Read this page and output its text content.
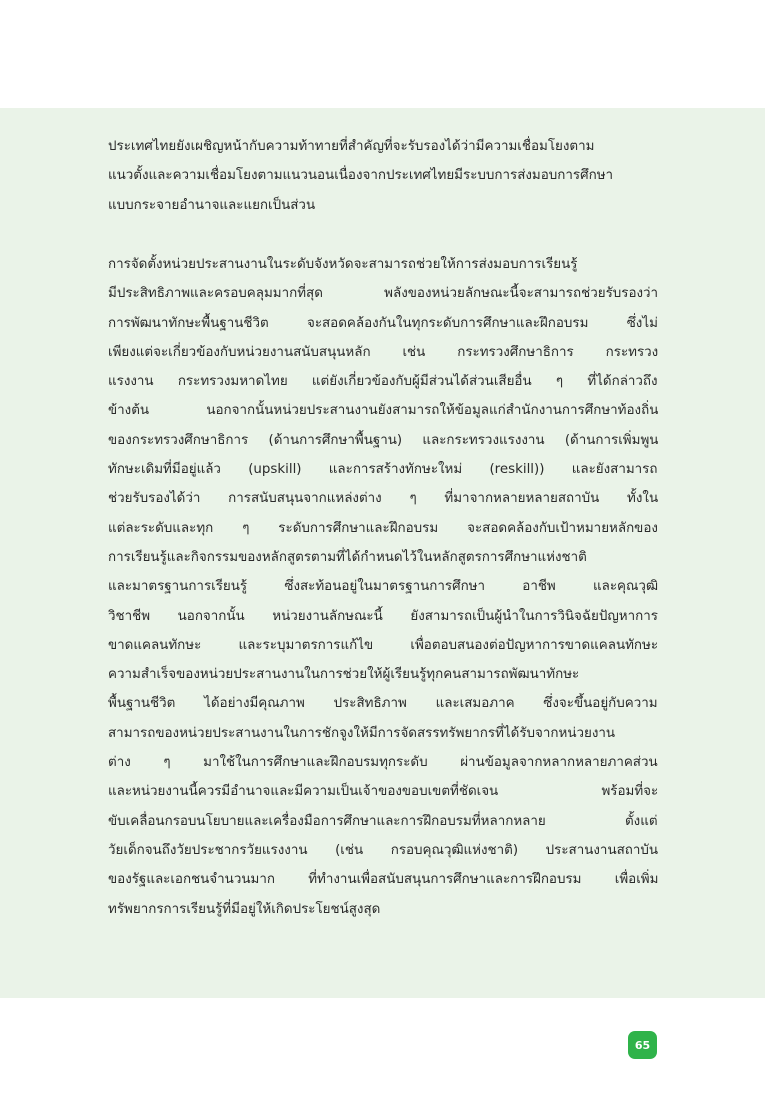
ประเทศไทยยังเผชิญหน้ากับความท้าทายที่สำคัญที่จะรับรองได้ว่ามีความเชื่อมโยงตาม
แนวตั้งและความเชื่อมโยงตามแนวนอนเนื่องจากประเทศไทยมีระบบการส่งมอบการศึกษา
แบบกระจายอำนาจและแยกเป็นส่วน
การจัดตั้งหน่วยประสานงานในระดับจังหวัดจะสามารถช่วยให้การส่งมอบการเรียนรู้
มีประสิทธิภาพและครอบคลุมมากที่สุด พลังของหน่วยลักษณะนี้จะสามารถช่วยรับรองว่า
การพัฒนาทักษะพื้นฐานชีวิต จะสอดคล้องกันในทุกระดับการศึกษาและฝึกอบรม ซึ่งไม่
เพียงแต่จะเกี่ยวข้องกับหน่วยงานสนับสนุนหลัก เช่น กระทรวงศึกษาธิการ กระทรวง
แรงงาน กระทรวงมหาดไทย แต่ยังเกี่ยวข้องกับผู้มีส่วนได้ส่วนเสียอื่น ๆ ที่ได้กล่าวถึง
ข้างต้น นอกจากนั้นหน่วยประสานงานยังสามารถให้ข้อมูลแก่สำนักงานการศึกษาท้องถิ่น
ของกระทรวงศึกษาธิการ (ด้านการศึกษาพื้นฐาน) และกระทรวงแรงงาน (ด้านการเพิ่มพูน
ทักษะเดิมที่มีอยู่แล้ว (upskill) และการสร้างทักษะใหม่ (reskill)) และยังสามารถ
ช่วยรับรองได้ว่า การสนับสนุนจากแหล่งต่าง ๆ ที่มาจากหลายหลายสถาบัน ทั้งใน
แต่ละระดับและทุก ๆ ระดับการศึกษาและฝึกอบรม จะสอดคล้องกับเป้าหมายหลักของ
การเรียนรู้และกิจกรรมของหลักสูตรตามที่ได้กำหนดไว้ในหลักสูตรการศึกษาแห่งชาติ
และมาตรฐานการเรียนรู้ ซึ่งสะท้อนอยู่ในมาตรฐานการศึกษา อาชีพ และคุณวุฒิ
วิชาชีพ นอกจากนั้น หน่วยงานลักษณะนี้ ยังสามารถเป็นผู้นำในการวินิจฉัยปัญหาการ
ขาดแคลนทักษะ และระบุมาตรการแก้ไข เพื่อตอบสนองต่อปัญหาการขาดแคลนทักษะ
ความสำเร็จของหน่วยประสานงานในการช่วยให้ผู้เรียนรู้ทุกคนสามารถพัฒนาทักษะ
พื้นฐานชีวิต ได้อย่างมีคุณภาพ ประสิทธิภาพ และเสมอภาค ซึ่งจะขึ้นอยู่กับความ
สามารถของหน่วยประสานงานในการชักจูงให้มีการจัดสรรทรัพยากรที่ได้รับจากหน่วยงาน
ต่าง ๆ มาใช้ในการศึกษาและฝึกอบรมทุกระดับ ผ่านข้อมูลจากหลากหลายภาคส่วน
และหน่วยงานนี้ควรมีอำนาจและมีความเป็นเจ้าของขอบเขตที่ชัดเจน พร้อมที่จะ
ขับเคลื่อนกรอบนโยบายและเครื่องมือการศึกษาและการฝึกอบรมที่หลากหลาย ตั้งแต่
วัยเด็กจนถึงวัยประชากรวัยแรงงาน (เช่น กรอบคุณวุฒิแห่งชาติ) ประสานงานสถาบัน
ของรัฐและเอกชนจำนวนมาก ที่ทำงานเพื่อสนับสนุนการศึกษาและการฝึกอบรม เพื่อเพิ่ม
ทรัพยากรการเรียนรู้ที่มีอยู่ให้เกิดประโยชน์สูงสุด
65
